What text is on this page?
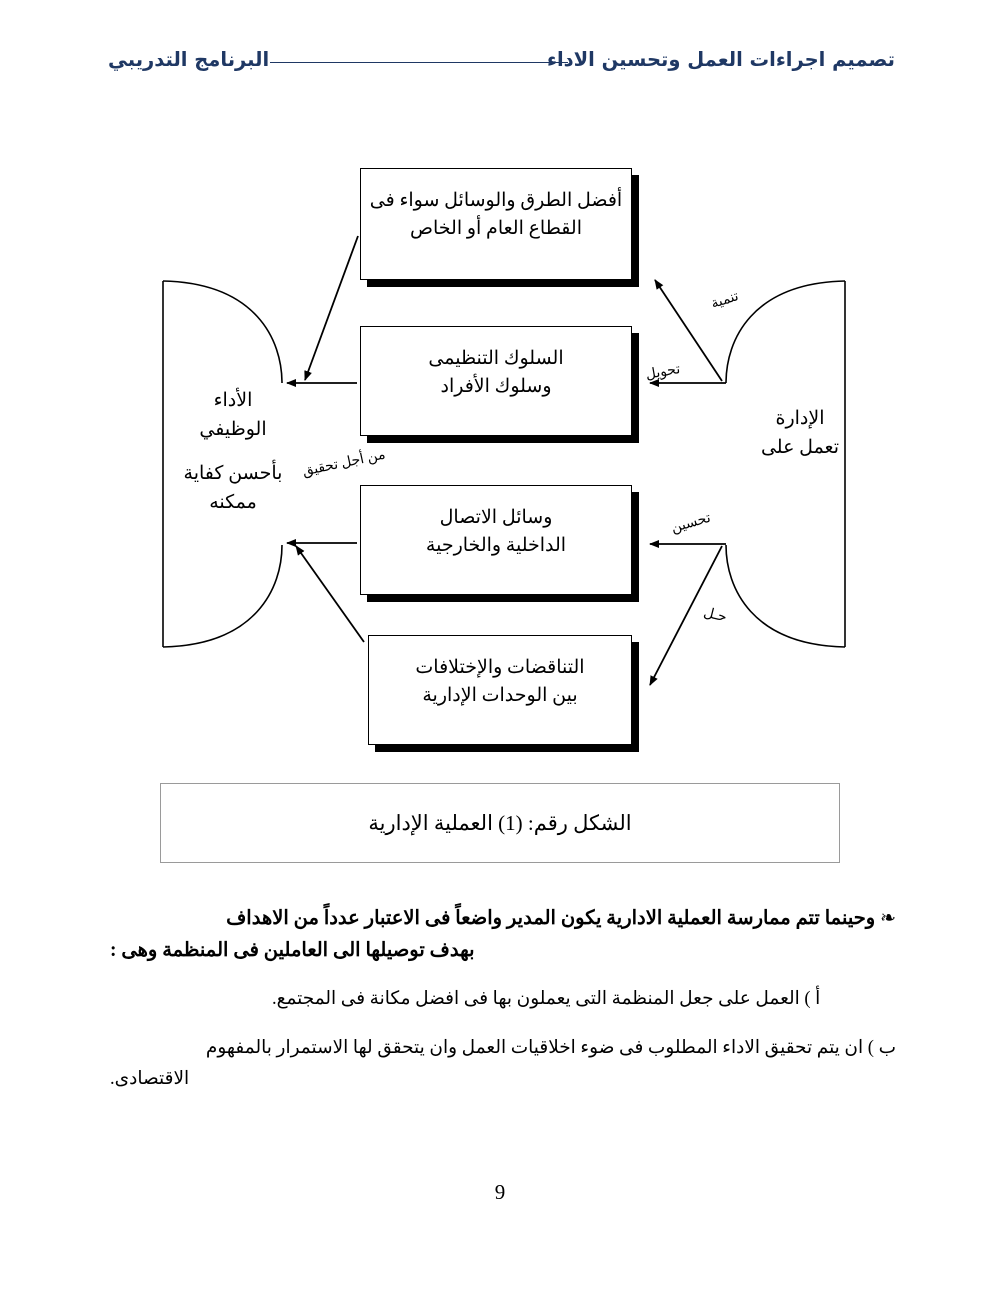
تصميم اجراءات العمل وتحسين الاداء
البرنامج التدريبي
أفضل الطرق والوسائل سواء فى
القطاع العام أو الخاص
السلوك التنظيمى
وسلوك الأفراد
وسائل الاتصال
الداخلية والخارجية
التناقضات والإختلافات
بين الوحدات الإدارية
الأداء
الوظيفي
بأحسن كفاية
ممكنه
من أجل تحقيق
الإدارة
تعمل على
تنمية
تحويل
تحسين
حـل
الشكل رقم: (1) العملية الإدارية
❧ وحينما تتم ممارسة العملية الادارية يكون المدير واضعاً فى الاعتبار عدداً من الاهداف
بهدف توصيلها الى العاملين فى المنظمة وهى :
أ ) العمل على جعل المنظمة التى يعملون بها فى افضل مكانة فى المجتمع.
ب ) ان يتم تحقيق الاداء المطلوب فى ضوء اخلاقيات العمل وان يتحقق لها الاستمرار بالمفهوم
الاقتصادى.
9
